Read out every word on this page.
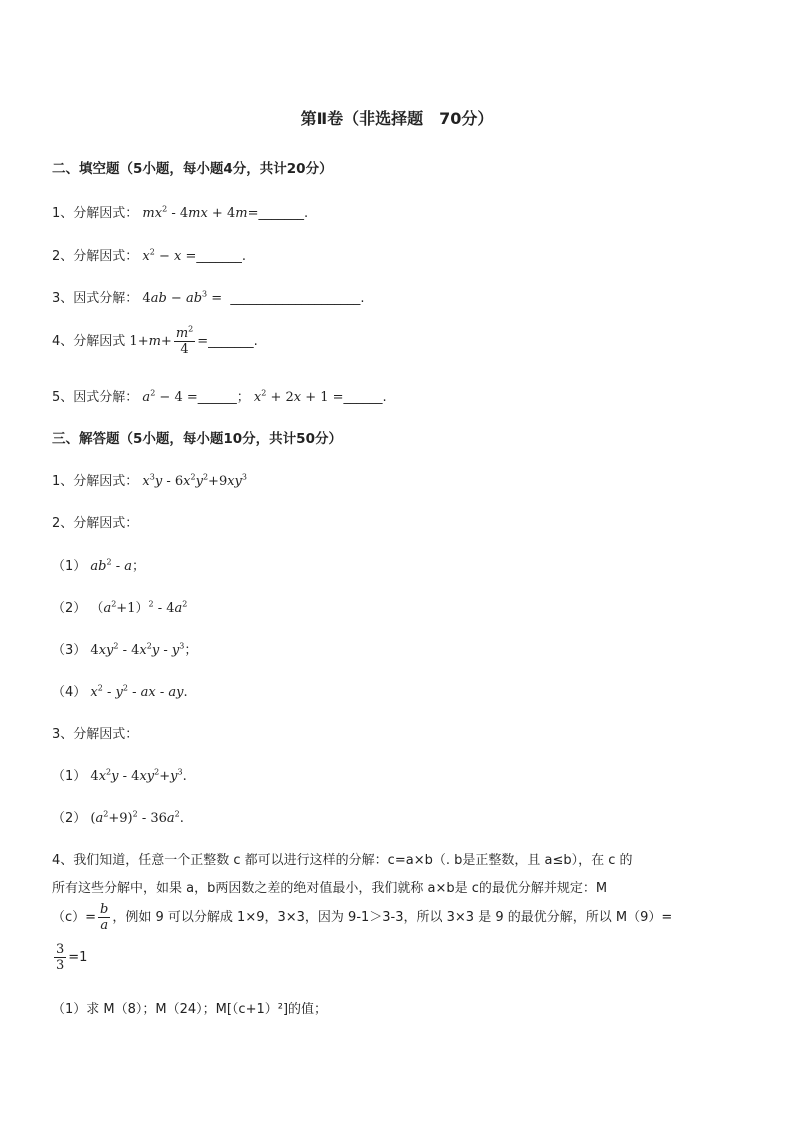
第Ⅱ卷（非选择题　70分）
二、填空题（5小题，每小题4分，共计20分）
1、分解因式： $mx^2 - 4mx$ + 4m=_______.
2、分解因式： $x^2 - x$ =_______.
3、因式分解： $4ab - ab^3$ =  ____________________.
4、分解因式 $1+m+ \frac{m^2}{4}$ =_______.
5、因式分解： $a^2 - 4$ =______； $x^2 + 2x + 1$ =______.
三、解答题（5小题，每小题10分，共计50分）
1、分解因式： $x^3y - 6x^2y^2+9xy^3$
2、分解因式：
（1） $ab^2$ - a；
（2） $(a^2+1)^2 - 4a^2$
（3） $4xy^2 - 4x^2y - y^3$；
（4） $x^2 - y^2$ - ax - ay.
3、分解因式：
（1） $4x^2y - 4xy^2+y^3$.
（2） $(a^2+9)^2 - 36a^2$.
4、我们知道，任意一个正整数 c 都可以进行这样的分解：c=a×b（. b是正整数，且 a≤b），在 c 的
所有这些分解中，如果 a，b两因数之差的绝对值最小，我们就称 a×b是 c的最优分解并规定：M
$(c)= \frac{b}{a}$ ，例如 9 可以分解成 1×9，3×3，因为 9-1＞3-3，所以 3×3 是 9 的最优分解，所以 M（9）=
$\frac{3}{3} =1$
（1）求 M（8）；M（24）；M[（c+1）²]的值；
